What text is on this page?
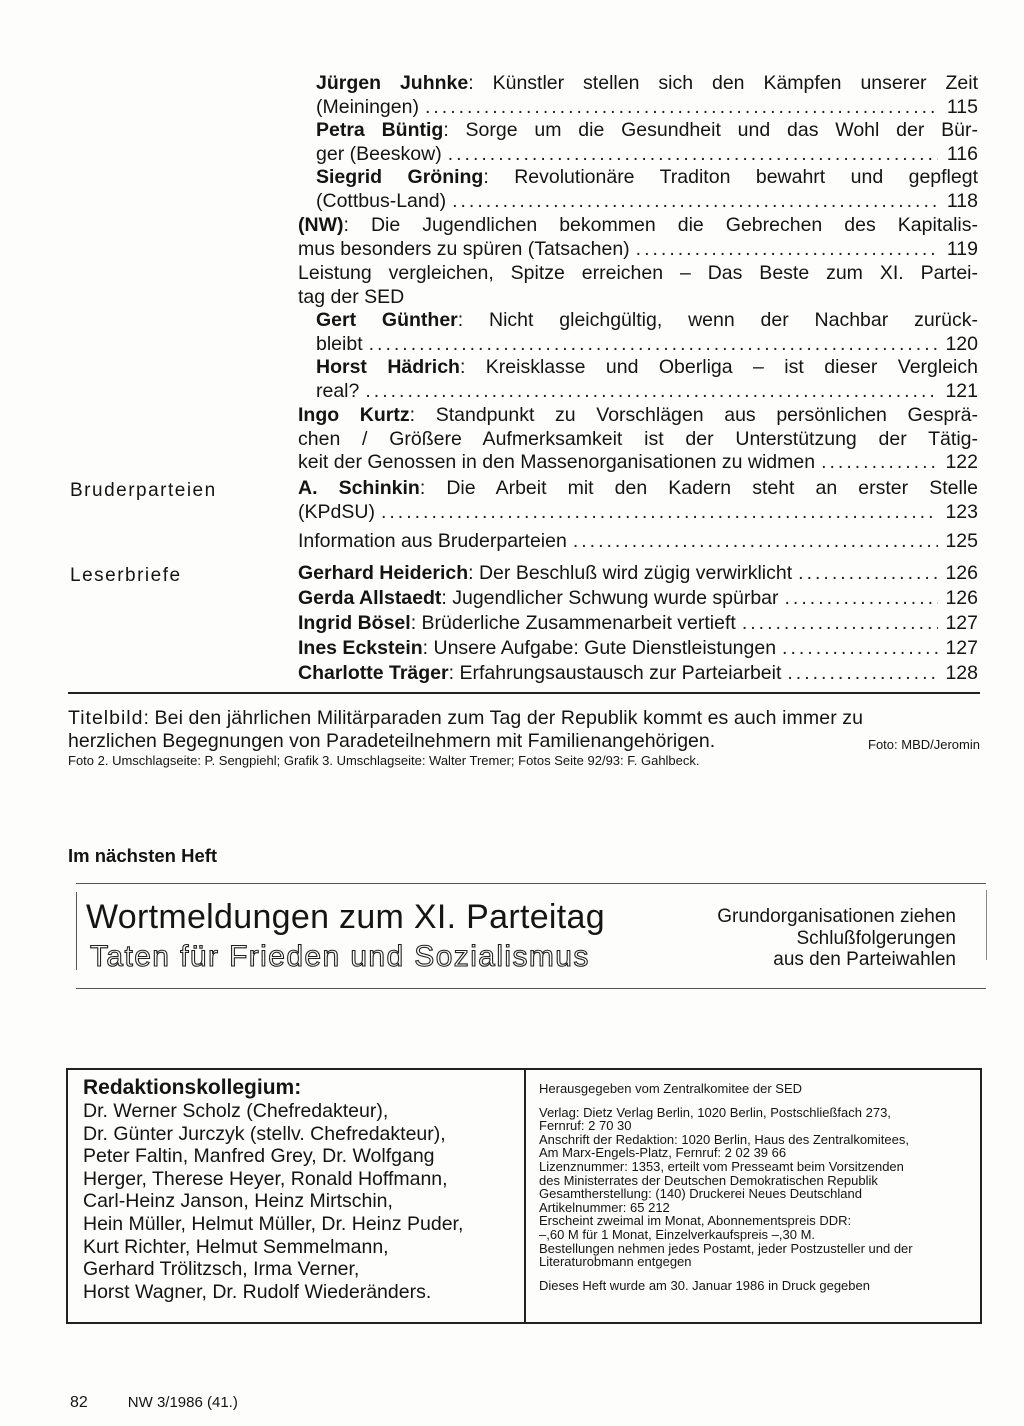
Jürgen Juhnke: Künstler stellen sich den Kämpfen unserer Zeit
(Meiningen) .....	115
Petra Büntig: Sorge um die Gesundheit und das Wohl der Bür-
ger (Beeskow) .....	116
Siegrid Gröning: Revolutionäre Traditon bewahrt und gepflegt
(Cottbus-Land) .....	118
(NW): Die Jugendlichen bekommen die Gebrechen des Kapitalis-
mus besonders zu spüren (Tatsachen) .....	119
Leistung vergleichen, Spitze erreichen – Das Beste zum XI. Partei-
tag der SED
Gert Günther: Nicht gleichgültig, wenn der Nachbar zurück-
bleibt .....	120
Horst Hädrich: Kreisklasse und Oberliga – ist dieser Vergleich
real? .....	121
Ingo Kurtz: Standpunkt zu Vorschlägen aus persönlichen Gesprä-
chen / Größere Aufmerksamkeit ist der Unterstützung der Tätig-
keit der Genossen in den Massenorganisationen zu widmen .....	122
A. Schinkin: Die Arbeit mit den Kadern steht an erster Stelle
(KPdSU) .....	123
Information aus Bruderparteien .....	125
Gerhard Heiderich: Der Beschluß wird zügig verwirklicht .....	126
Gerda Allstaedt: Jugendlicher Schwung wurde spürbar .....	126
Ingrid Bösel: Brüderliche Zusammenarbeit vertieft .....	127
Ines Eckstein: Unsere Aufgabe: Gute Dienstleistungen .....	127
Charlotte Träger: Erfahrungsaustausch zur Parteiarbeit .....	128
Bruderparteien
Leserbriefe
Titelbild: Bei den jährlichen Militärparaden zum Tag der Republik kommt es auch immer zu
herzlichen Begegnungen von Paradeteilnehmern mit Familienangehörigen.	Foto: MBD/Jeromin
Foto 2. Umschlagseite: P. Sengpiehl; Grafik 3. Umschlagseite: Walter Tremer; Fotos Seite 92/93: F. Gahlbeck.
Im nächsten Heft
Wortmeldungen zum XI. Parteitag
Taten für Frieden und Sozialismus
Grundorganisationen ziehen
Schlußfolgerungen
aus den Parteiwahlen
Redaktionskollegium:
Dr. Werner Scholz (Chefredakteur),
Dr. Günter Jurczyk (stellv. Chefredakteur),
Peter Faltin, Manfred Grey, Dr. Wolfgang
Herger, Therese Heyer, Ronald Hoffmann,
Carl-Heinz Janson, Heinz Mirtschin,
Hein Müller, Helmut Müller, Dr. Heinz Puder,
Kurt Richter, Helmut Semmelmann,
Gerhard Trölitzsch, Irma Verner,
Horst Wagner, Dr. Rudolf Wiederänders.
Herausgegeben vom Zentralkomitee der SED
Verlag: Dietz Verlag Berlin, 1020 Berlin, Postschließfach 273,
Fernruf: 2 70 30
Anschrift der Redaktion: 1020 Berlin, Haus des Zentralkomitees,
Am Marx-Engels-Platz, Fernruf: 2 02 39 66
Lizenznummer: 1353, erteilt vom Presseamt beim Vorsitzenden
des Ministerrates der Deutschen Demokratischen Republik
Gesamtherstellung: (140) Druckerei Neues Deutschland
Artikelnummer: 65 212
Erscheint zweimal im Monat, Abonnementspreis DDR:
–,60 M für 1 Monat, Einzelverkaufspreis –,30 M.
Bestellungen nehmen jedes Postamt, jeder Postzusteller und der
Literaturobmann entgegen
Dieses Heft wurde am 30. Januar 1986 in Druck gegeben
82	NW 3/1986 (41.)
